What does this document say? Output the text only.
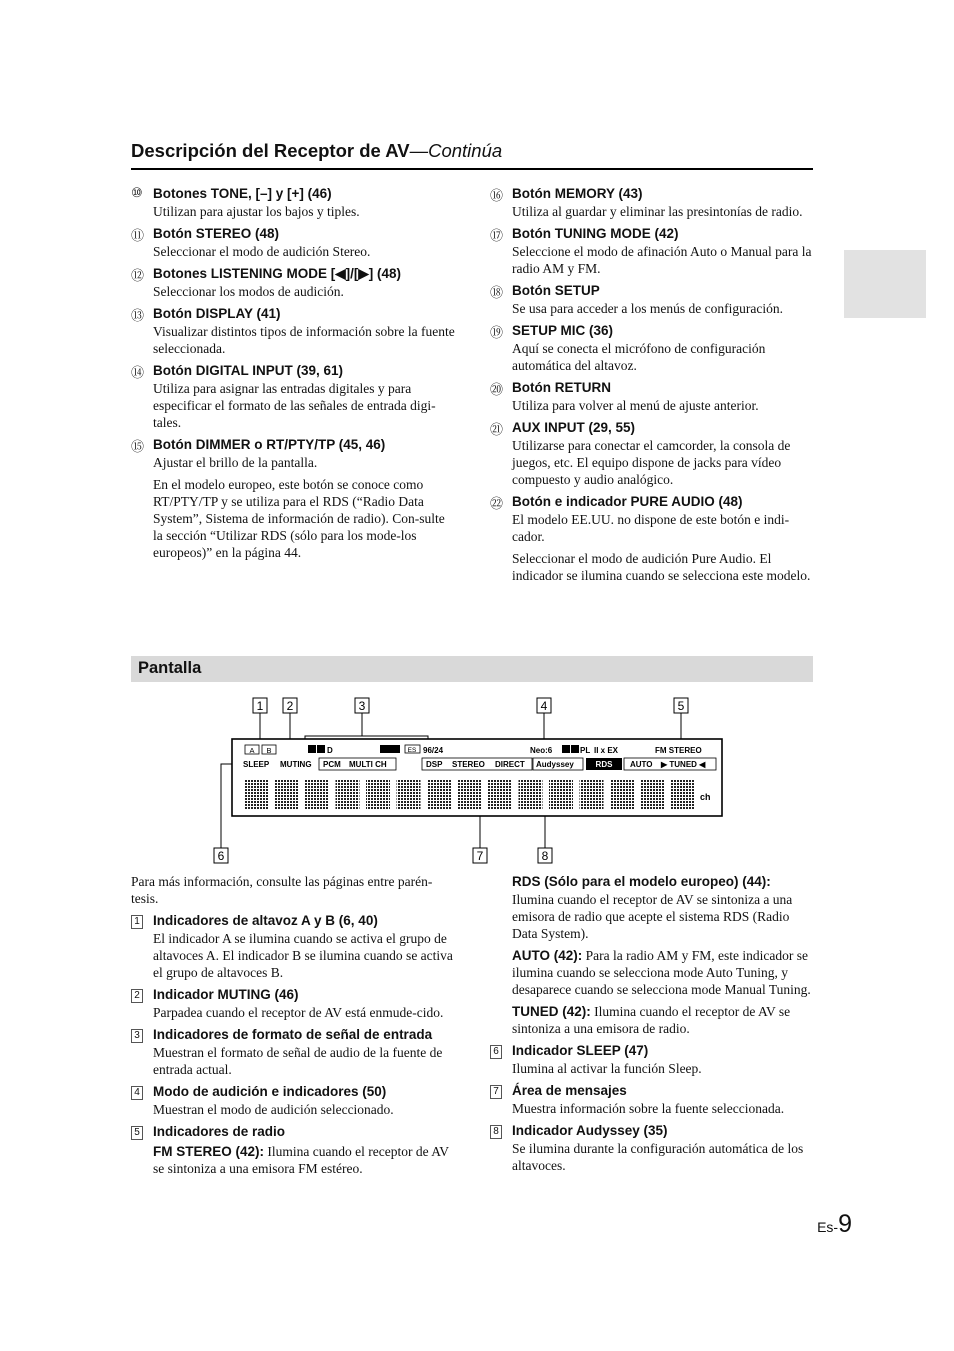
Descripción del Receptor de AV—Continúa
⑩ Botones TONE, [–] y [+] (46)
Utilizan para ajustar los bajos y tiples.
⑪ Botón STEREO (48)
Seleccionar el modo de audición Stereo.
⑫ Botones LISTENING MODE [◀]/[▶] (48)
Seleccionar los modos de audición.
⑬ Botón DISPLAY (41)
Visualizar distintos tipos de información sobre la fuente seleccionada.
⑭ Botón DIGITAL INPUT (39, 61)
Utiliza para asignar las entradas digitales y para especificar el formato de las señales de entrada digi-tales.
⑮ Botón DIMMER o RT/PTY/TP (45, 46)
Ajustar el brillo de la pantalla.
En el modelo europeo, este botón se conoce como RT/PTY/TP y se utiliza para el RDS (“Radio Data System”, Sistema de información de radio). Con-sulte la sección “Utilizar RDS (sólo para los mode-los europeos)” en la página 44.
⑯ Botón MEMORY (43)
Utiliza al guardar y eliminar las presintonías de radio.
⑰ Botón TUNING MODE (42)
Seleccione el modo de afinación Auto o Manual para la radio AM y FM.
⑱ Botón SETUP
Se usa para acceder a los menús de configuración.
⑲ SETUP MIC (36)
Aquí se conecta el micrófono de configuración automática del altavoz.
⑳ Botón RETURN
Utiliza para volver al menú de ajuste anterior.
㉑ AUX INPUT (29, 55)
Utilizarse para conectar el camcorder, la consola de juegos, etc. El equipo dispone de jacks para vídeo compuesto y audio analógico.
㉒ Botón e indicador PURE AUDIO (48)
El modelo EE.UU. no dispone de este botón e indi-cador.
Seleccionar el modo de audición Pure Audio. El indicador se ilumina cuando se selecciona este modelo.
Pantalla
1 2	3	4	5
6	7	8
A B	D	ES 96/24	Neo:6	PL II x EX	FM STEREO
SLEEP MUTING PCM MULTI CH	DSP STEREO DIRECT Audyssey	RDS AUTO ▶ TUNED ◀
ch
Para más información, consulte las páginas entre parén-tesis.
1 Indicadores de altavoz A y B (6, 40)
El indicador A se ilumina cuando se activa el grupo de altavoces A. El indicador B se ilumina cuando se activa el grupo de altavoces B.
2 Indicador MUTING (46)
Parpadea cuando el receptor de AV está enmude-cido.
3 Indicadores de formato de señal de entrada
Muestran el formato de señal de audio de la fuente de entrada actual.
4 Modo de audición e indicadores (50)
Muestran el modo de audición seleccionado.
5 Indicadores de radio
FM STEREO (42): Ilumina cuando el receptor de AV se sintoniza a una emisora FM estéreo.
RDS (Sólo para el modelo europeo) (44):
Ilumina cuando el receptor de AV se sintoniza a una emisora de radio que acepte el sistema RDS (Radio Data System).
AUTO (42): Para la radio AM y FM, este indicador se ilumina cuando se selecciona mode Auto Tuning, y desaparece cuando se selecciona mode Manual Tuning.
TUNED (42): Ilumina cuando el receptor de AV se sintoniza a una emisora de radio.
6 Indicador SLEEP (47)
Ilumina al activar la función Sleep.
7 Área de mensajes
Muestra información sobre la fuente seleccionada.
8 Indicador Audyssey (35)
Se ilumina durante la configuración automática de los altavoces.
Es-9
